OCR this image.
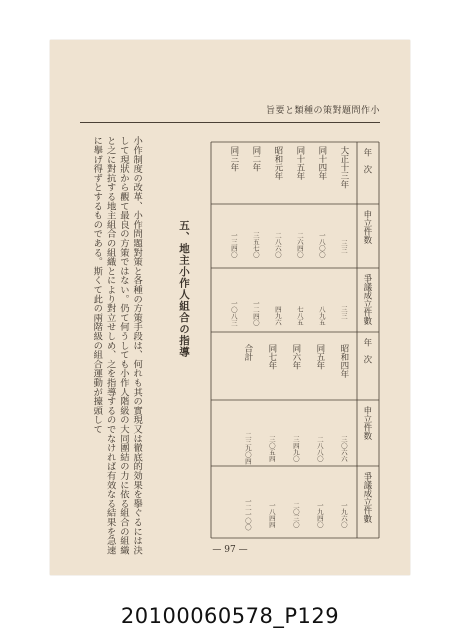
小作問題對策の種類と要旨
年　次
申立件数
爭議成立件數
年　次
申立件数
爭議成立件數
大正十三年
同十四年
同十五年
昭和元年
同二年
同三年
三三
一八〇〇
二六四〇
二八六〇
三五七〇
一三四〇
三三
八九五
七八五
四九六
一二四〇
一〇八三
昭和四年
同五年
同六年
同七年
合計
三〇六六
二八八〇
三四九〇
三〇五四
二三九〇四
一九六〇
一九四〇
二〇三〇
一八四四
一二一〇〇
五、地主小作人組合の指導

小作制度の改革、小作問題對策と各種の方策手段は、何れも其の實現又は徹底的効果を擧ぐるには決して現狀から觀て最良の方策ではない。仍て何うしても小作人階級の大同團結の力に依る組合の組織と之に對抗する地主組合の組織とにより對立せしめ、之を指導するのでなければ有效なる結果を急速に擧げ得ずとするものである。斯くて此の兩階級の組合運動が擡頭して

— 97 —
20100060578_P129
